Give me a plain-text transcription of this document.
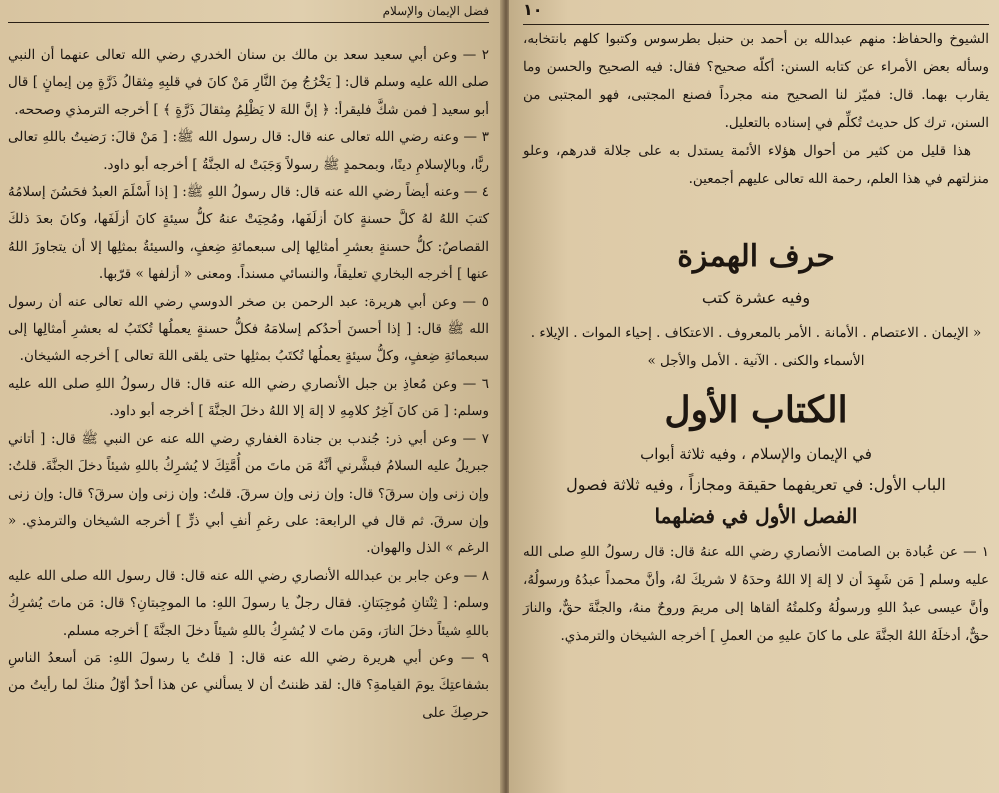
فضل الإيمان والإسلام

٢ — وعن أبي سعيد سعد بن مالك بن سنان الخدري رضي الله تعالى عنهما أن النبي صلى الله عليه وسلم قال: [ يَخْرُجُ مِنَ النَّارِ مَنْ كانَ في قلبِهِ مِثقالُ ذَرَّةٍ مِن إيمانٍ ] قال أبو سعيد [ فمن شكَّ فليقرأ: ﴿ إنَّ اللهَ لا يَظْلِمُ مِثقالَ ذَرَّةٍ ﴾ ] أخرجه الترمذي وصححه.

٣ — وعنه رضي الله تعالى عنه قال: قال رسول الله ﷺ: [ مَنْ قالَ: رَضيتُ باللهِ تعالى ربًّا، وبالإسلامِ دينًا، وبمحمدٍ ﷺ رسولاً وَجَبَتْ له الجنَّةُ ] أخرجه أبو داود.

٤ — وعنه أيضاً رضي الله عنه قال: قال رسولُ اللهِ ﷺ: [ إذا أَسْلَمَ العبدُ فحَسُنَ إسلامُهُ كتبَ اللهُ لهُ كلَّ حسنةٍ كانَ أزلَفَها، ومُحِيَتْ عنهُ كلُّ سيئةٍ كانَ أزلَفَها، وكانَ بعدَ ذلكَ القصاصُ: كلُّ حسنةٍ بعشرِ أمثالِها إلى سبعمائةِ ضِعفٍ، والسيئةُ بمثلِها إلا أن يتجاوزَ اللهُ عنها ] أخرجه البخاري تعليقاً، والنسائي مسنداً. ومعنى « أزلفها » قرّبها.

٥ — وعن أبي هريرة: عبد الرحمن بن صخر الدوسي رضي الله تعالى عنه أن رسول الله ﷺ قال: [ إذا أحسنَ أحدُكم إسلامَهُ فكلُّ حسنةٍ يعملُها تُكتَبُ له بعشرِ أمثالِها إلى سبعمائةِ ضِعفٍ، وكلُّ سيئةٍ يعملُها تُكتَبُ بمثلِها حتى يلقى اللهَ تعالى ] أخرجه الشيخان.

٦ — وعن مُعاذِ بن جبل الأنصاري رضي الله عنه قال: قال رسولُ اللهِ صلى الله عليه وسلم: [ مَن كانَ آخِرُ كلامِهِ لا إلهَ إلا اللهُ دخلَ الجنَّةَ ] أخرجه أبو داود.

٧ — وعن أبي ذر: جُندب بن جنادة الغفاري رضي الله عنه عن النبي ﷺ قال: [ أتاني جبريلُ عليه السلامُ فبشَّرني أنَّهُ مَن ماتَ من أُمَّتِكَ لا يُشرِكُ باللهِ شيئاً دخلَ الجنَّةَ. قلتُ: وإن زنى وإن سرقَ؟ قال: وإن زنى وإن سرقَ. قلتُ: وإن زنى وإن سرقَ؟ قال: وإن زنى وإن سرقَ. ثم قال في الرابعة: على رغمِ أنفِ أبي ذرٍّ ] أخرجه الشيخان والترمذي. « الرغم » الذل والهوان.

٨ — وعن جابر بن عبدالله الأنصاري رضي الله عنه قال: قال رسول الله صلى الله عليه وسلم: [ ثِنْتانِ مُوجِبَتانِ. فقال رجلٌ يا رسولَ اللهِ: ما الموجِبتانِ؟ قال: مَن ماتَ يُشرِكُ باللهِ شيئاً دخلَ النارَ، ومَن ماتَ لا يُشرِكُ باللهِ شيئاً دخلَ الجنَّةَ ] أخرجه مسلم.

٩ — وعن أبي هريرة رضي الله عنه قال: [ قلتُ يا رسولَ اللهِ: مَن أسعدُ الناسِ بشفاعتِكَ يومَ القيامةِ؟ قال: لقد ظننتُ أن لا يسألني عن هذا أحدٌ أوّلُ منكَ لما رأيتُ من حرصِكَ على

١٠

الشيوخ والحفاظ: منهم عبدالله بن أحمد بن حنبل بطرسوس وكتبوا كلهم بانتخابه، وسأله بعض الأمراء عن كتابه السنن: أكلّه صحيح؟ فقال: فيه الصحيح والحسن وما يقارب بهما. قال: فميّز لنا الصحيح منه مجرداً فصنع المجتبى، فهو المجتبى من السنن، ترك كل حديث تُكلِّم في إسناده بالتعليل.

هذا قليل من كثير من أحوال هؤلاء الأئمة يستدل به على جلالة قدرهم، وعلو منزلتهم في هذا العلم، رحمة الله تعالى عليهم أجمعين.

حرف الهمزة
وفيه عشرة كتب
« الإيمان . الاعتصام . الأمانة . الأمر بالمعروف . الاعتكاف . إحياء الموات . الإيلاء . الأسماء والكنى . الآنية . الأمل والأجل »
الكتاب الأول
في الإيمان والإسلام ، وفيه ثلاثة أبواب
الباب الأول: في تعريفهما حقيقة ومجازاً ، وفيه ثلاثة فصول
الفصل الأول في فضلهما
١ — عن عُبادة بن الصامت الأنصاري رضي الله عنهُ قال: قال رسولُ اللهِ صلى الله عليه وسلم [ مَن شَهِدَ أن لا إلهَ إلا اللهُ وحدَهُ لا شريكَ لهُ، وأنَّ محمداً عبدُهُ ورسولُهُ، وأنَّ عيسى عبدُ اللهِ ورسولُهُ وكلمتُهُ ألقاها إلى مريمَ وروحٌ منهُ، والجنَّةَ حقٌّ، والنارَ حقٌّ، أدخلَهُ اللهُ الجنَّةَ على ما كانَ عليهِ من العملِ ] أخرجه الشيخان والترمذي.
